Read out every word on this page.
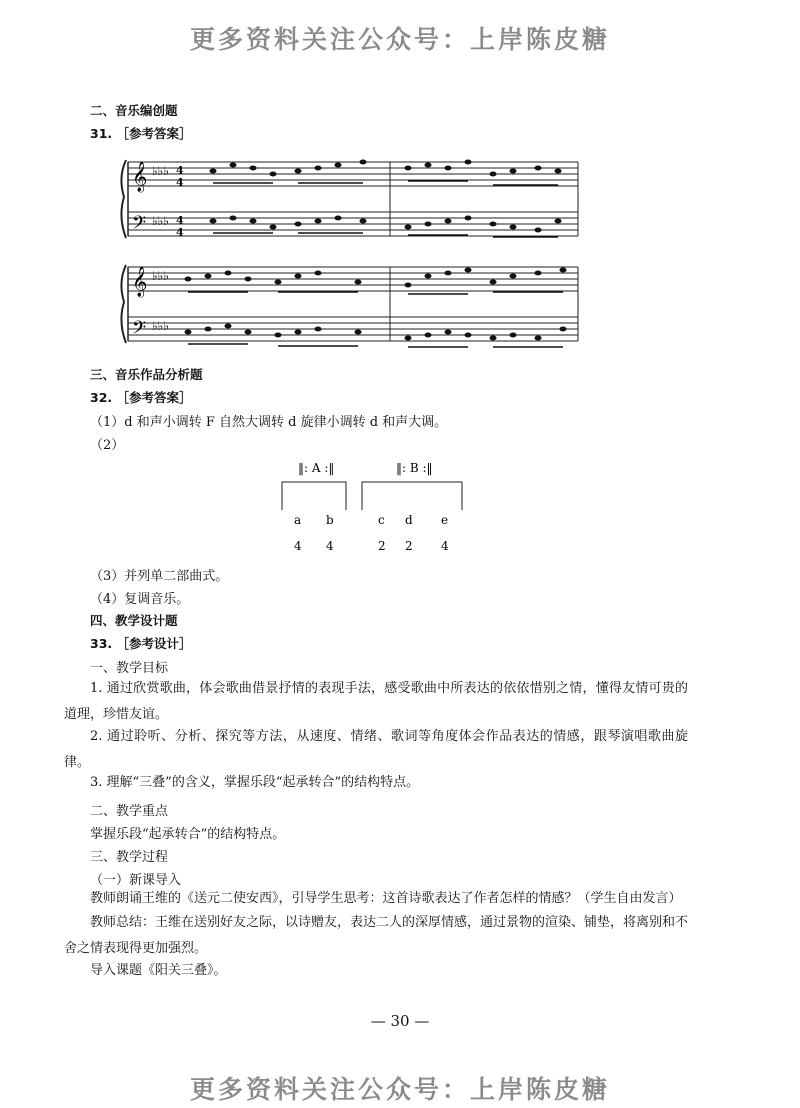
更多资料关注公众号：上岸陈皮糖
二、音乐编创题
31. ［参考答案］
𝄞
𝄢
♭♭♭
♭♭♭
4
4
4
4
𝄞
𝄢
♭♭♭
♭♭♭
三、音乐作品分析题
32. ［参考答案］
（1）d 和声小调转 F 自然大调转 d 旋律小调转 d 和声大调。
（2）
‖: A :‖	‖: B :‖
a b	c d e
4 4	2 2 4
（3）并列单二部曲式。
（4）复调音乐。
四、教学设计题
33. ［参考设计］
一、教学目标
1. 通过欣赏歌曲，体会歌曲借景抒情的表现手法，感受歌曲中所表达的依依惜别之情，懂得友情可贵的道理，珍惜友谊。
2. 通过聆听、分析、探究等方法，从速度、情绪、歌词等角度体会作品表达的情感，跟琴演唱歌曲旋律。
3. 理解“三叠”的含义，掌握乐段“起承转合”的结构特点。
二、教学重点
掌握乐段“起承转合”的结构特点。
三、教学过程
（一）新课导入
教师朗诵王维的《送元二使安西》，引导学生思考：这首诗歌表达了作者怎样的情感？（学生自由发言）
教师总结：王维在送别好友之际，以诗赠友，表达二人的深厚情感，通过景物的渲染、铺垫，将离别和不舍之情表现得更加强烈。
导入课题《阳关三叠》。
— 30 —
更多资料关注公众号：上岸陈皮糖
